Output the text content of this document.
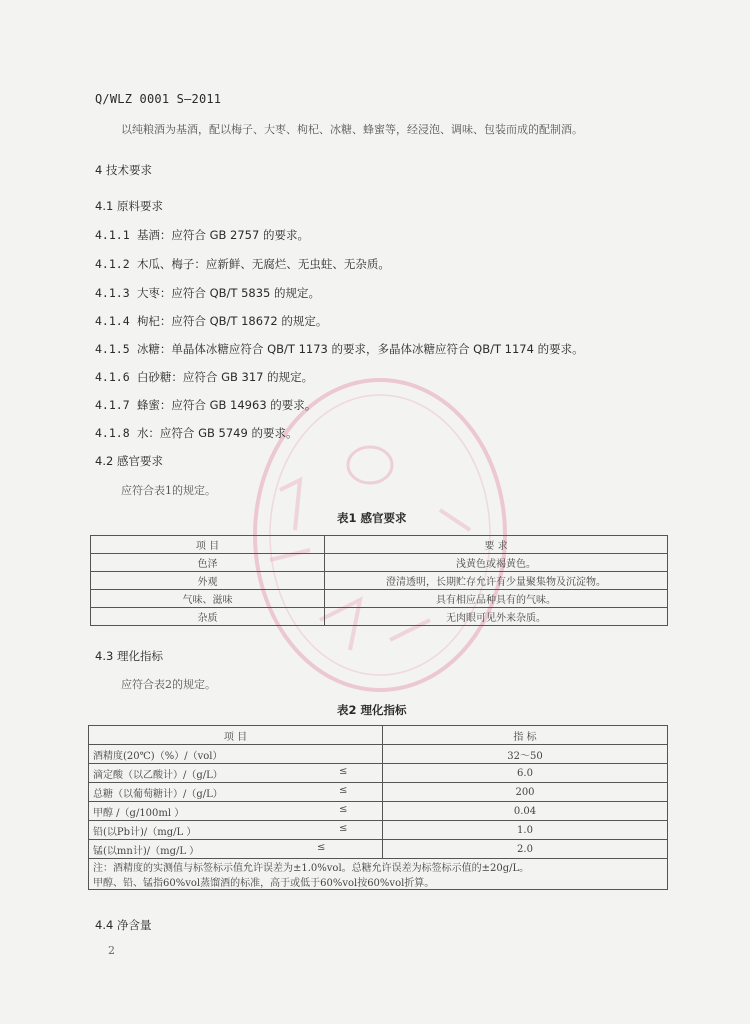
Q/WLZ 0001 S—2011
以纯粮酒为基酒，配以梅子、大枣、枸杞、冰糖、蜂蜜等，经浸泡、调味、包装而成的配制酒。
4 技术要求
4.1 原料要求
4.1.1 基酒：应符合 GB 2757 的要求。
4.1.2 木瓜、梅子：应新鲜、无腐烂、无虫蛀、无杂质。
4.1.3 大枣：应符合 QB/T 5835 的规定。
4.1.4 枸杞：应符合 QB/T 18672 的规定。
4.1.5 冰糖：单晶体冰糖应符合 QB/T 1173 的要求，多晶体冰糖应符合 QB/T 1174 的要求。
4.1.6 白砂糖：应符合 GB 317 的规定。
4.1.7 蜂蜜：应符合 GB 14963 的要求。
4.1.8 水：应符合 GB 5749 的要求。
4.2 感官要求
应符合表1的规定。
表1 感官要求
项 目	要 求
色泽	浅黄色或褐黄色。
外观	澄清透明，长期贮存允许有少量聚集物及沉淀物。
气味、滋味	具有相应品种具有的气味。
杂质	无肉眼可见外来杂质。
4.3 理化指标
应符合表2的规定。
表2 理化指标
项 目	指 标
酒精度(20℃)（%）/（vol）	32～50
滴定酸（以乙酸计）/（g/L） ≤	6.0
总糖（以葡萄糖计）/（g/L） ≤	200
甲醇 /（g/100ml ） ≤	0.04
铅(以Pb计)/（mg/L ） ≤	1.0
锰(以mn计)/（mg/L ） ≤	2.0

注：酒精度的实测值与标签标示值允许误差为±1.0%vol。总糖允许误差为标签标示值的±20g/L。
甲醇、铅、锰指60%vol蒸馏酒的标准，高于或低于60%vol按60%vol折算。	
4.4 净含量
2
